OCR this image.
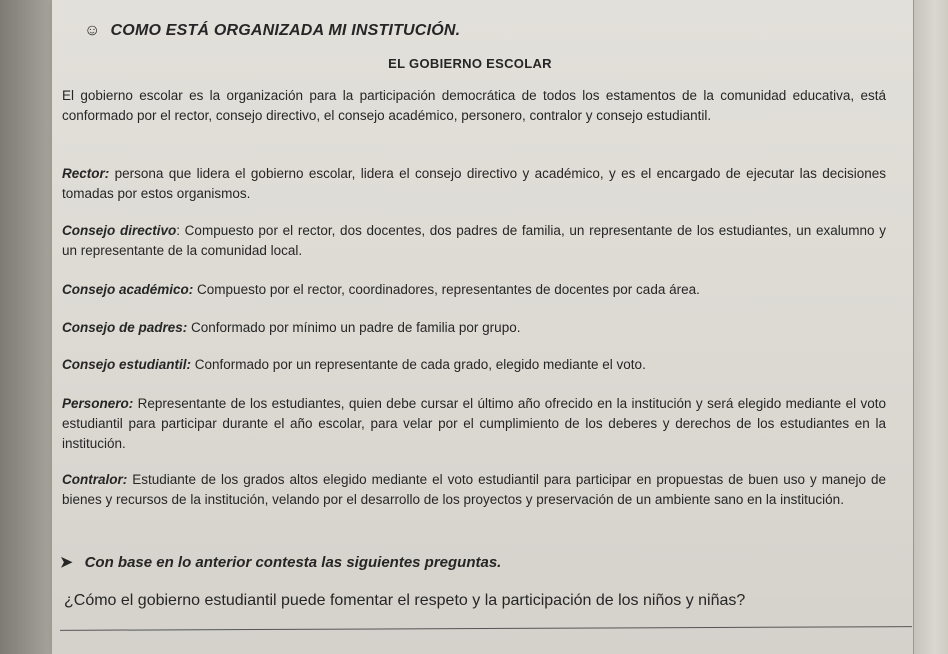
☺ COMO ESTÁ ORGANIZADA MI INSTITUCIÓN.
EL GOBIERNO ESCOLAR
El gobierno escolar es la organización para la participación democrática de todos los estamentos de la comunidad educativa, está conformado por el rector, consejo directivo, el consejo académico, personero, contralor y consejo estudiantil.
Rector: persona que lidera el gobierno escolar, lidera el consejo directivo y académico, y es el encargado de ejecutar las decisiones tomadas por estos organismos.
Consejo directivo: Compuesto por el rector, dos docentes, dos padres de familia, un representante de los estudiantes, un exalumno y un representante de la comunidad local.
Consejo académico: Compuesto por el rector, coordinadores, representantes de docentes por cada área.
Consejo de padres: Conformado por mínimo un padre de familia por grupo.
Consejo estudiantil: Conformado por un representante de cada grado, elegido mediante el voto.
Personero: Representante de los estudiantes, quien debe cursar el último año ofrecido en la institución y será elegido mediante el voto estudiantil para participar durante el año escolar, para velar por el cumplimiento de los deberes y derechos de los estudiantes en la institución.
Contralor: Estudiante de los grados altos elegido mediante el voto estudiantil para participar en propuestas de buen uso y manejo de bienes y recursos de la institución, velando por el desarrollo de los proyectos y preservación de un ambiente sano en la institución.
➤ Con base en lo anterior contesta las siguientes preguntas.
¿Cómo el gobierno estudiantil puede fomentar el respeto y la participación de los niños y niñas?
